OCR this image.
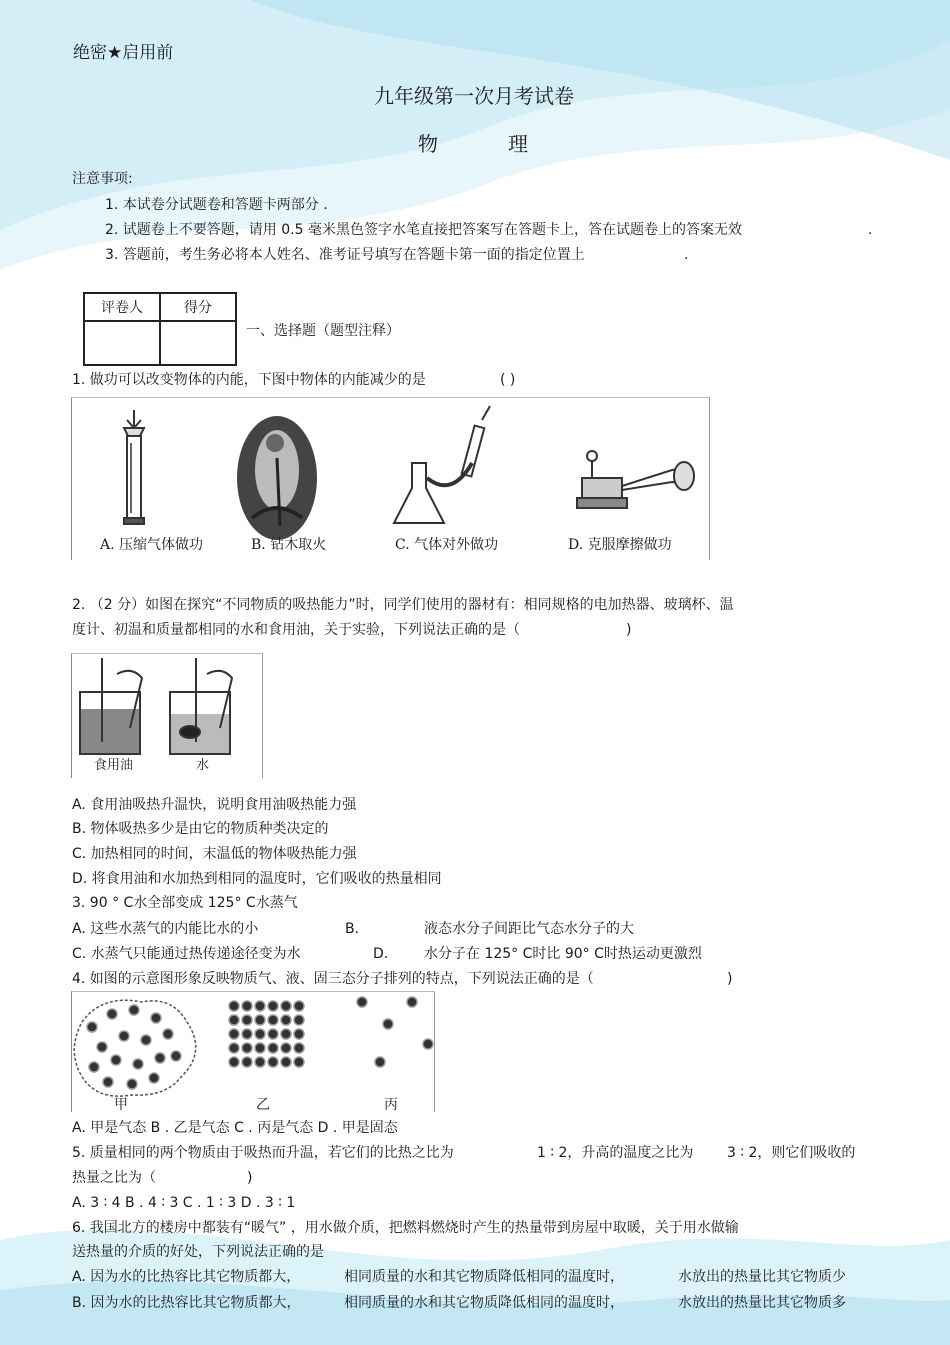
绝密★启用前
九年级第一次月考试卷
物	理
注意事项:
1. 本试卷分试题卷和答题卡两部分 .
2. 试题卷上不要答题，请用 0.5 毫米黑色签字水笔直接把答案写在答题卡上，答在试题卷上的答案无效	.
3. 答题前，考生务必将本人姓名、准考证号填写在答题卡第一面的指定位置上	.
评卷人	得分

一、选择题（题型注释）
1. 做功可以改变物体的内能，下图中物体的内能减少的是	( )
A. 压缩气体做功	B. 钻木取火	C. 气体对外做功	D. 克服摩擦做功
2. （2 分）如图在探究“不同物质的吸热能力”时，同学们使用的器材有：相同规格的电加热器、玻璃杯、温
度计、初温和质量都相同的水和食用油，关于实验，下列说法正确的是（	)
食用油	水
A. 食用油吸热升温快，说明食用油吸热能力强
B. 物体吸热多少是由它的物质种类决定的
C. 加热相同的时间，末温低的物体吸热能力强
D. 将食用油和水加热到相同的温度时，它们吸收的热量相同
3. 90 ° C水全部变成 125° C水蒸气
A. 这些水蒸气的内能比水的小	B.	液态水分子间距比气态水分子的大
C. 水蒸气只能通过热传递途径变为水	D.	水分子在 125° C时比 90° C时热运动更激烈
4. 如图的示意图形象反映物质气、液、固三态分子排列的特点，下列说法正确的是（	)
甲	乙	丙
A. 甲是气态 B . 乙是气态 C . 丙是气态 D . 甲是固态
5. 质量相同的两个物质由于吸热而升温，若它们的比热之比为	1 ∶ 2，升高的温度之比为 3 ∶ 2，则它们吸收的
热量之比为（	)
A. 3 ∶ 4 B . 4 ∶ 3 C . 1 ∶ 3 D . 3 ∶ 1
6. 我国北方的楼房中都装有“暖气” ，用水做介质，把燃料燃烧时产生的热量带到房屋中取暖，关于用水做输
送热量的介质的好处，下列说法正确的是
A. 因为水的比热容比其它物质都大，	相同质量的水和其它物质降低相同的温度时，	水放出的热量比其它物质少
B. 因为水的比热容比其它物质都大，	相同质量的水和其它物质降低相同的温度时，	水放出的热量比其它物质多
